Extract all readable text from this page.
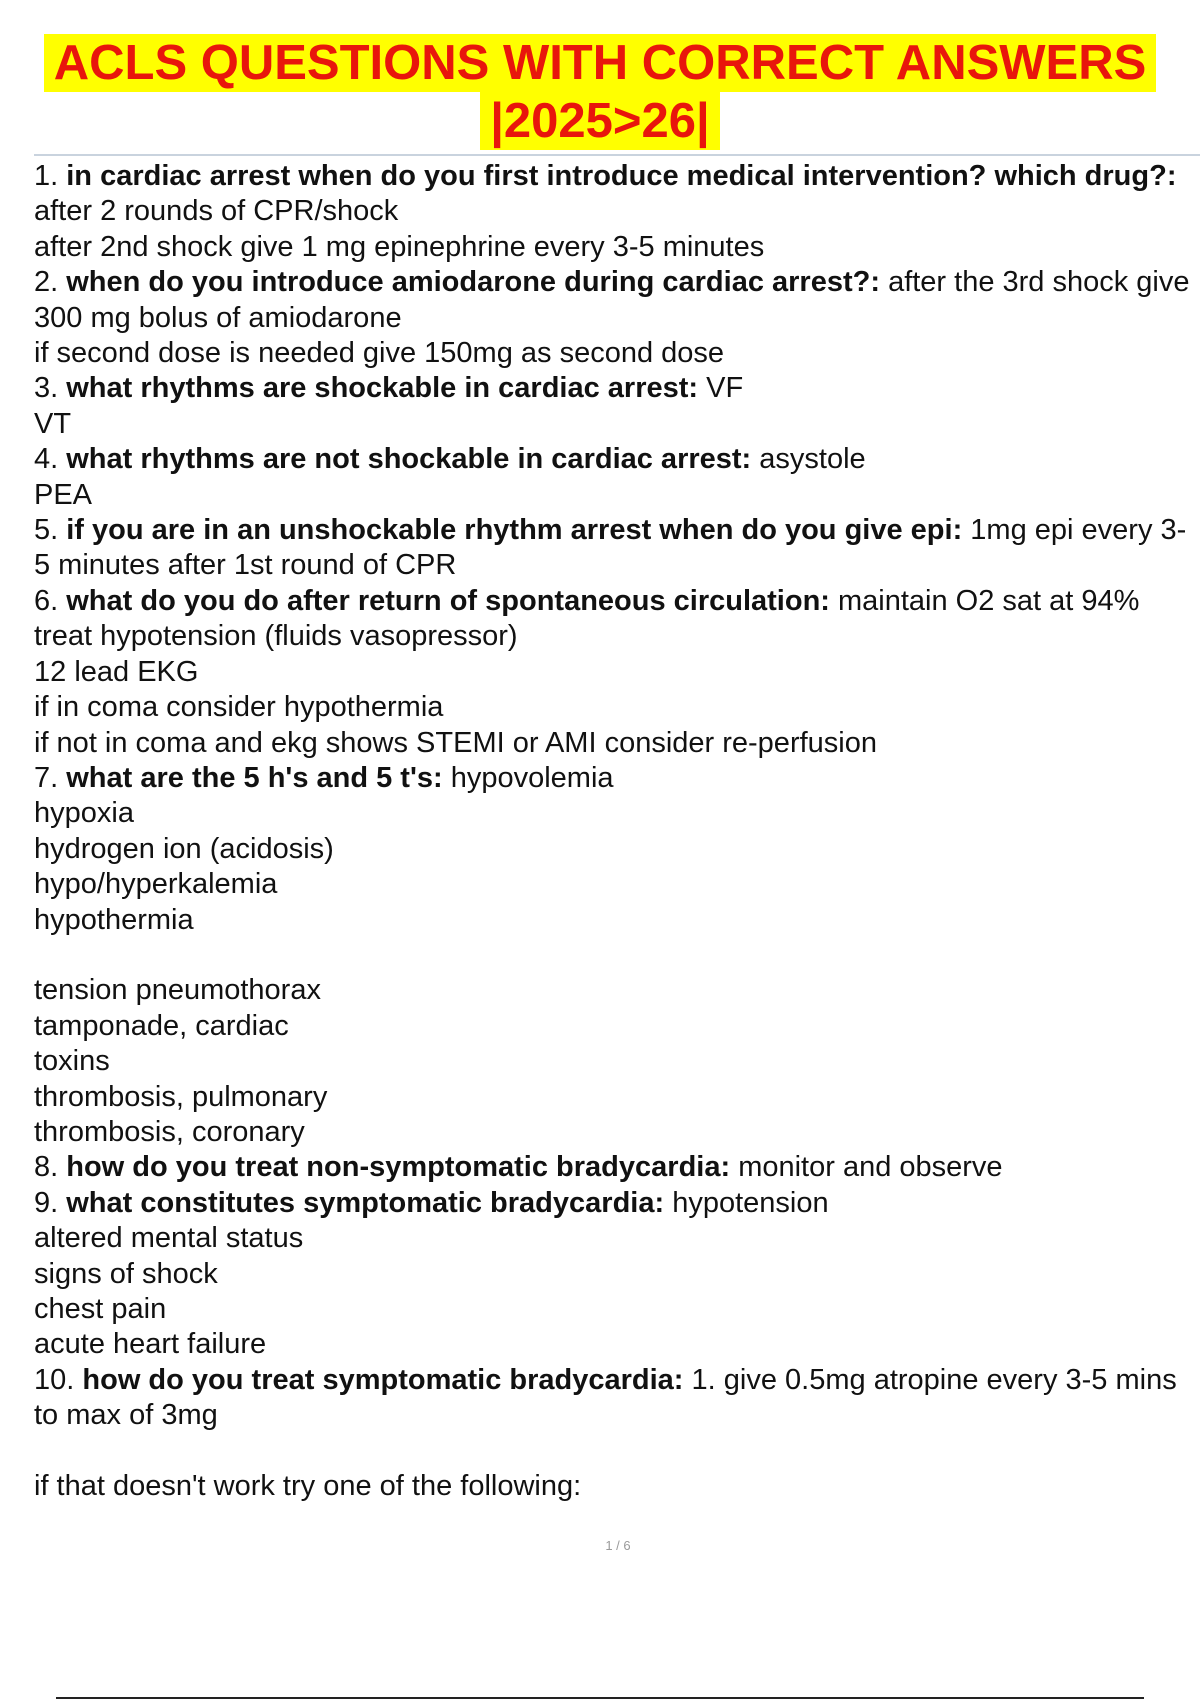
ACLS QUESTIONS WITH CORRECT ANSWERS
|2025>26|
1. in cardiac arrest when do you first introduce medical intervention? which drug?: after 2 rounds of CPR/shock
after 2nd shock give 1 mg epinephrine every 3-5 minutes
2. when do you introduce amiodarone during cardiac arrest?: after the 3rd shock give 300 mg bolus of amiodarone
if second dose is needed give 150mg as second dose
3. what rhythms are shockable in cardiac arrest: VF
VT
4. what rhythms are not shockable in cardiac arrest: asystole
PEA
5. if you are in an unshockable rhythm arrest when do you give epi: 1mg epi every 3-5 minutes after 1st round of CPR
6. what do you do after return of spontaneous circulation: maintain O2 sat at 94%
treat hypotension (fluids vasopressor)
12 lead EKG
if in coma consider hypothermia
if not in coma and ekg shows STEMI or AMI consider re-perfusion
7. what are the 5 h's and 5 t's: hypovolemia
hypoxia
hydrogen ion (acidosis)
hypo/hyperkalemia
hypothermia
tension pneumothorax
tamponade, cardiac
toxins
thrombosis, pulmonary
thrombosis, coronary
8. how do you treat non-symptomatic bradycardia: monitor and observe
9. what constitutes symptomatic bradycardia: hypotension
altered mental status
signs of shock
chest pain
acute heart failure
10. how do you treat symptomatic bradycardia: 1. give 0.5mg atropine every 3-5 mins to max of 3mg
if that doesn't work try one of the following:
1 / 6
